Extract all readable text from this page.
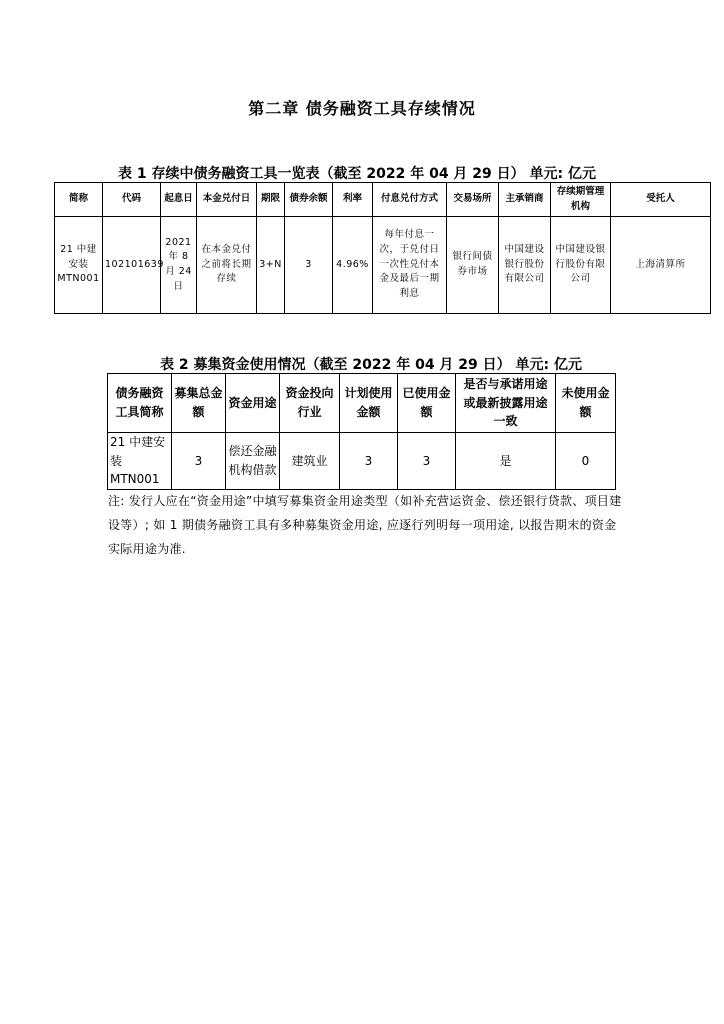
第二章 债务融资工具存续情况
表 1 存续中债务融资工具一览表（截至 2022 年 04 月 29 日） 单元: 亿元
简称	代码	起息日	本金兑付日	期限	债券余额	利率	付息兑付方式	交易场所	主承销商	存续期管理机构	受托人
21 中建安装 MTN001	102101639	2021 年 8 月 24 日	在本金兑付之前将长期存续	3+N	3	4.96%	每年付息一次，于兑付日一次性兑付本金及最后一期利息	银行间债券市场	中国建设银行股份有限公司	中国建设银行股份有限公司	上海清算所
表 2 募集资金使用情况（截至 2022 年 04 月 29 日） 单元: 亿元
债务融资工具简称	募集总金额	资金用途	资金投向行业	计划使用金额	已使用金额	是否与承诺用途或最新披露用途一致	未使用金额
21 中建安装 MTN001	3	偿还金融机构借款	建筑业	3	3	是	0
注: 发行人应在“资金用途”中填写募集资金用途类型（如补充营运资金、偿还银行贷款、项目建设等）; 如 1 期债务融资工具有多种募集资金用途, 应逐行列明每一项用途, 以报告期末的资金实际用途为准.
